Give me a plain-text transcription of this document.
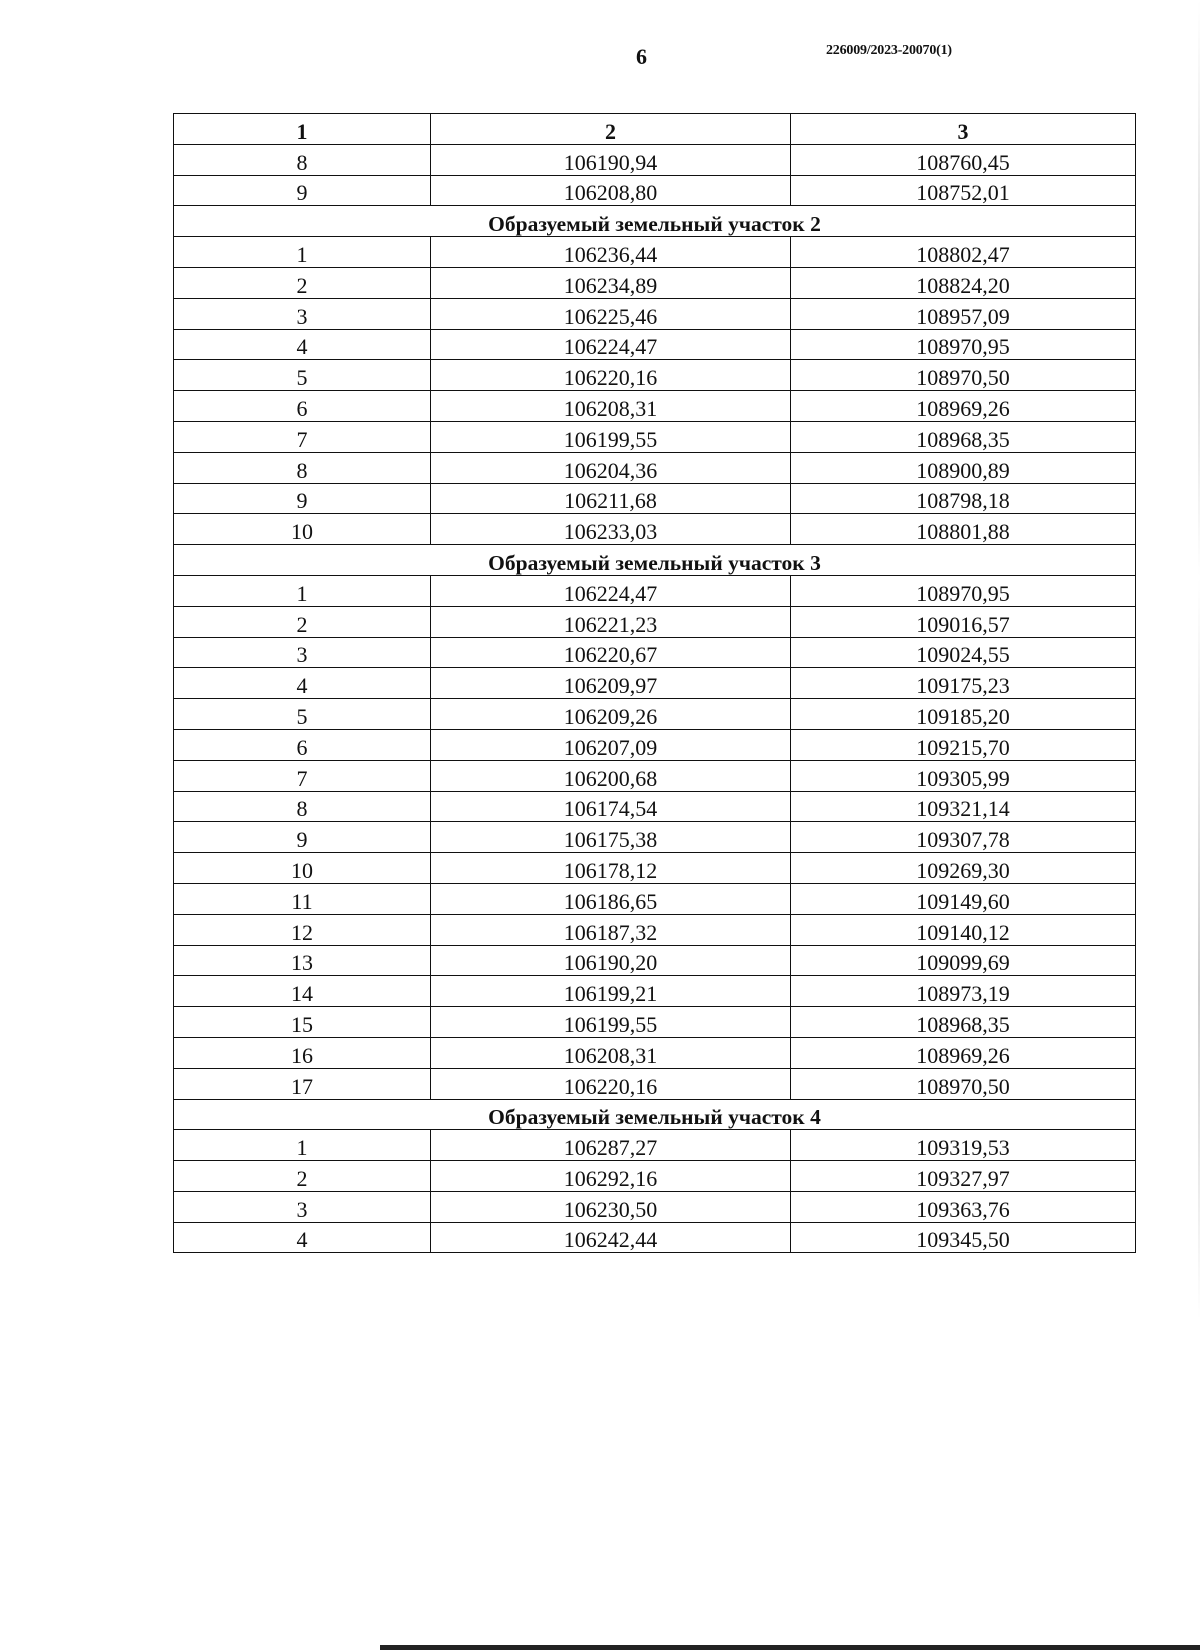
6	226009/2023-20070(1)
1	2	3
8	106190,94	108760,45
9	106208,80	108752,01
Образуемый земельный участок 2		
1	106236,44	108802,47
2	106234,89	108824,20
3	106225,46	108957,09
4	106224,47	108970,95
5	106220,16	108970,50
6	106208,31	108969,26
7	106199,55	108968,35
8	106204,36	108900,89
9	106211,68	108798,18
10	106233,03	108801,88
Образуемый земельный участок 3		
1	106224,47	108970,95
2	106221,23	109016,57
3	106220,67	109024,55
4	106209,97	109175,23
5	106209,26	109185,20
6	106207,09	109215,70
7	106200,68	109305,99
8	106174,54	109321,14
9	106175,38	109307,78
10	106178,12	109269,30
11	106186,65	109149,60
12	106187,32	109140,12
13	106190,20	109099,69
14	106199,21	108973,19
15	106199,55	108968,35
16	106208,31	108969,26
17	106220,16	108970,50
Образуемый земельный участок 4		
1	106287,27	109319,53
2	106292,16	109327,97
3	106230,50	109363,76
4	106242,44	109345,50
